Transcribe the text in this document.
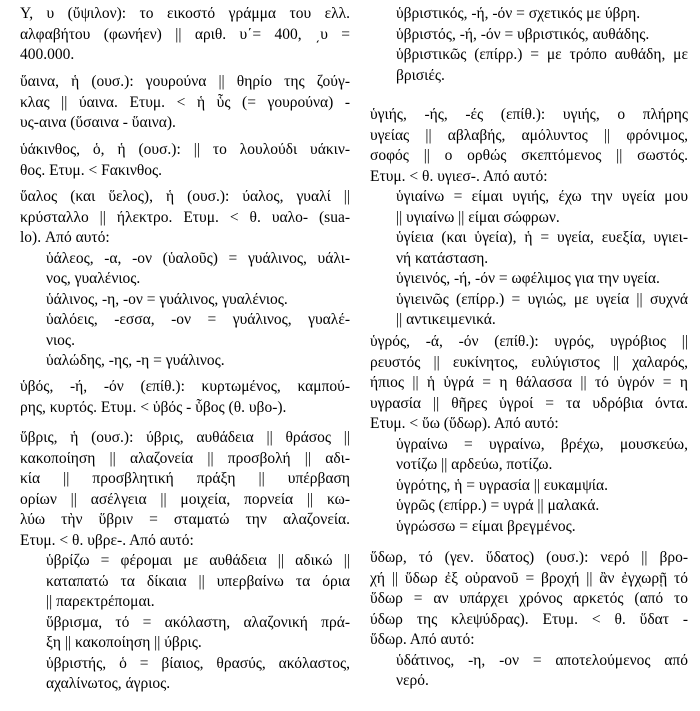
Υ, υ (ὔψιλον): το εικοστό γράμμα του ελλ.
αλφαβήτου (φωνήεν) || αριθ. υ΄= 400, ͵υ =
400.000.
ὕαινα, ἡ (ουσ.): γουρούνα || θηρίο της ζούγ-
κλας || ύαινα. Ετυμ. < ἡ ὗς (= γουρούνα) -
υς-αινα (ὕσαινα - ὕαινα).
ὑάκινθος, ὁ, ἡ (ουσ.): || το λουλούδι υάκιν-
θος. Ετυμ. < Fακινθος.
ὕαλος (και ὕελος), ἡ (ουσ.): ύαλος, γυαλί ||
κρύσταλλο || ήλεκτρο. Ετυμ. < θ. υαλο- (sua-
lo). Από αυτό:
ὑάλεος, -α, -ον (ὑαλοῦς) = γυάλινος, υάλι-
νος, γυαλένιος.
ὑάλινος, -η, -ον = γυάλινος, γυαλένιος.
ὑαλόεις, -εσσα, -ον = γυάλινος, γυαλέ-
νιος.
ὑαλώδης, -ης, -η = γυάλινος.
ὑβός, -ή, -όν (επίθ.): κυρτωμένος, καμπού-
ρης, κυρτός. Ετυμ. < ὑβός - ὗβος (θ. υβο-).
ὕβρις, ἡ (ουσ.): ύβρις, αυθάδεια || θράσος ||
κακοποίηση || αλαζονεία || προσβολή || αδι-
κία || προσβλητική πράξη || υπέρβαση
ορίων || ασέλγεια || μοιχεία, πορνεία || κω-
λύω τὴν ὕβριν = σταματώ την αλαζονεία.
Ετυμ. < θ. υβρε-. Από αυτό:
ὑβρίζω = φέρομαι με αυθάδεια || αδικώ ||
καταπατώ τα δίκαια || υπερβαίνω τα όρια
|| παρεκτρέπομαι.
ὕβρισμα, τό = ακόλαστη, αλαζονική πρά-
ξη || κακοποίηση || ύβρις.
ὑβριστής, ὁ = βίαιος, θρασύς, ακόλαστος,
αχαλίνωτος, άγριος.
ὑβριστικός, -ή, -όν = σχετικός με ύβρη.
ὑβριστός, -ή, -όν = υβριστικός, αυθάδης.
ὑβριστικῶς (επίρρ.) = με τρόπο αυθάδη, με
βρισιές.
ὑγιής, -ής, -ές (επίθ.): υγιής, ο πλήρης
υγείας || αβλαβής, αμόλυντος || φρόνιμος,
σοφός || ο ορθώς σκεπτόμενος || σωστός.
Ετυμ. < θ. υγιεσ-. Από αυτό:
ὑγιαίνω = είμαι υγιής, έχω την υγεία μου
|| υγιαίνω || είμαι σώφρων.
ὑγίεια (και ὑγεία), ἡ = υγεία, ευεξία, υγιει-
νή κατάσταση.
ὑγιεινός, -ή, -όν = ωφέλιμος για την υγεία.
ὑγιεινῶς (επίρρ.) = υγιώς, με υγεία || συχνά
|| αντικειμενικά.
ὑγρός, -ά, -όν (επίθ.): υγρός, υγρόβιος ||
ρευστός || ευκίνητος, ευλύγιστος || χαλαρός,
ήπιος || ἡ ὑγρά = η θάλασσα || τό ὑγρόν = η
υγρασία || θῆρες ὑγροί = τα υδρόβια όντα.
Ετυμ. < ὕω (ὕδωρ). Από αυτό:
ὑγραίνω = υγραίνω, βρέχω, μουσκεύω,
νοτίζω || αρδεύω, ποτίζω.
ὑγρότης, ἡ = υγρασία || ευκαμψία.
ὑγρῶς (επίρρ.) = υγρά || μαλακά.
ὑγρώσσω = είμαι βρεγμένος.
ὕδωρ, τό (γεν. ὕδατος) (ουσ.): νερό || βρο-
χή || ὕδωρ ἐξ οὐρανοῦ = βροχή || ἂν ἐγχωρῇ τό
ὕδωρ = αν υπάρχει χρόνος αρκετός (από το
ύδωρ της κλεψύδρας). Ετυμ. < θ. ὕδατ -
ὕδωρ. Από αυτό:
ὑδάτινος, -η, -ον = αποτελούμενος από
νερό.
